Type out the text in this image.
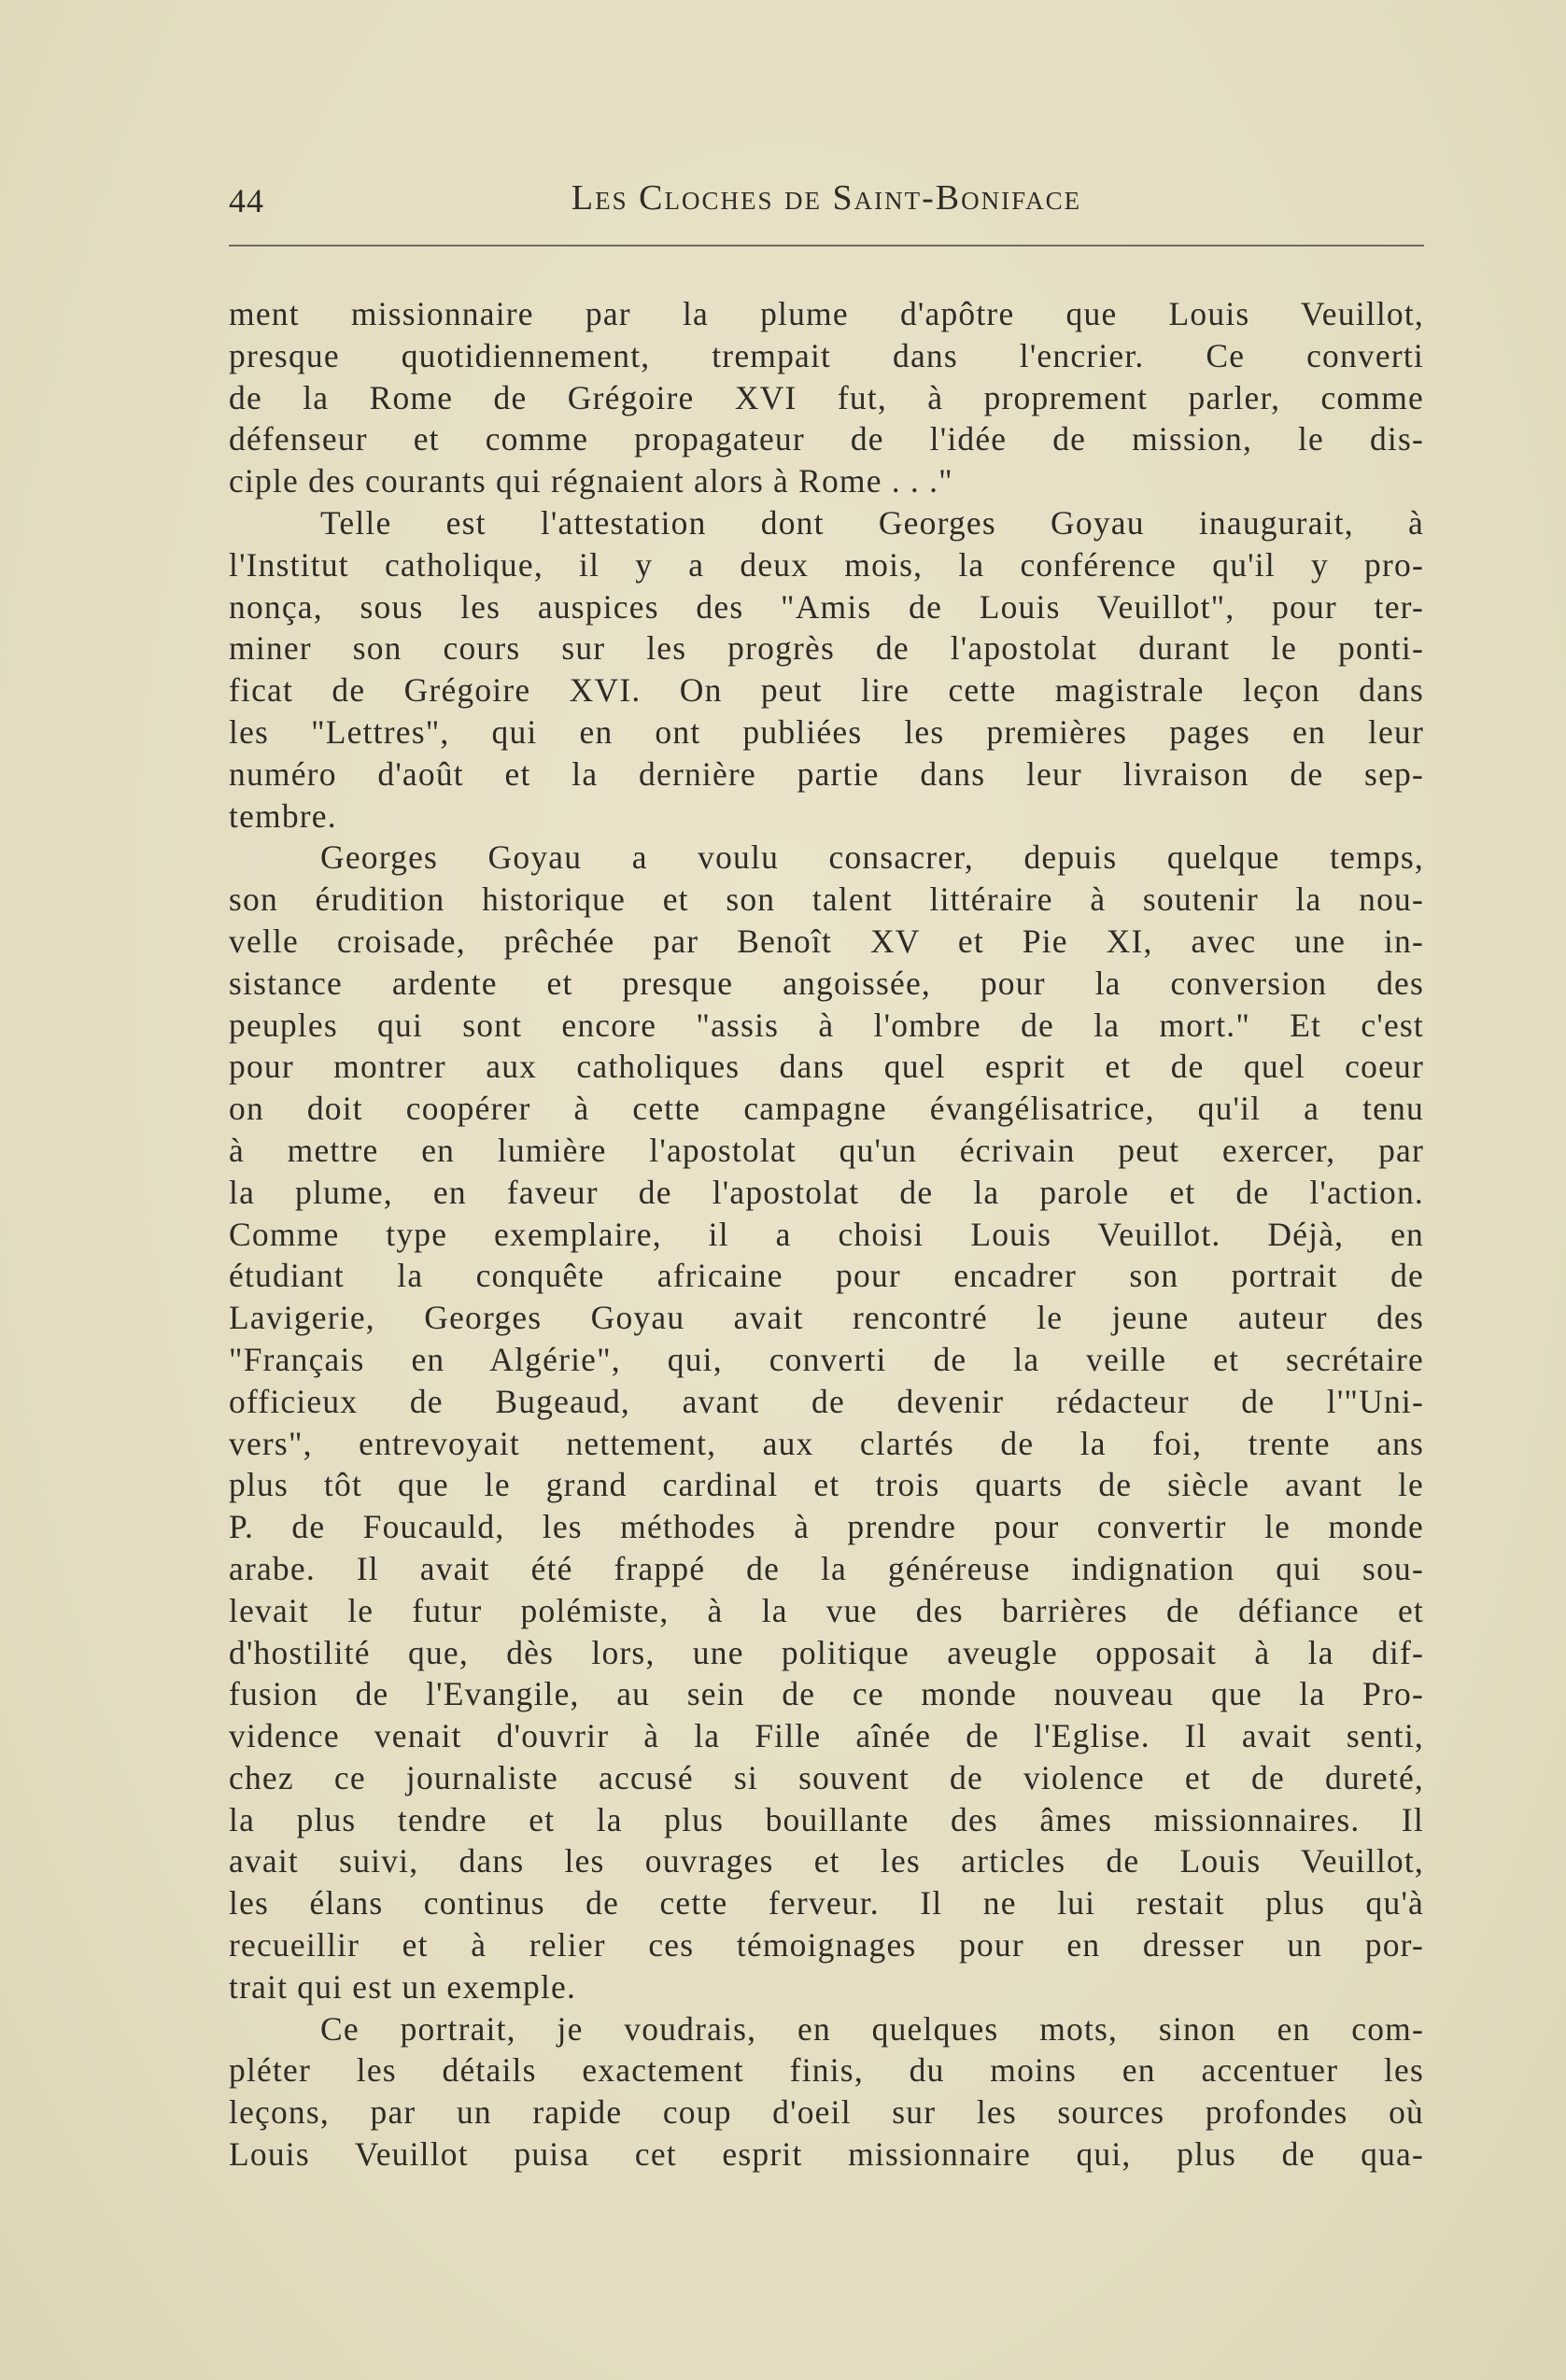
44	Les Cloches de Saint-Boniface
ment missionnaire par la plume d'apôtre que Louis Veuillot,
presque quotidiennement, trempait dans l'encrier. Ce converti
de la Rome de Grégoire XVI fut, à proprement parler, comme
défenseur et comme propagateur de l'idée de mission, le dis-
ciple des courants qui régnaient alors à Rome . . ."
Telle est l'attestation dont Georges Goyau inaugurait, à
l'Institut catholique, il y a deux mois, la conférence qu'il y pro-
nonça, sous les auspices des "Amis de Louis Veuillot", pour ter-
miner son cours sur les progrès de l'apostolat durant le ponti-
ficat de Grégoire XVI. On peut lire cette magistrale leçon dans
les "Lettres", qui en ont publiées les premières pages en leur
numéro d'août et la dernière partie dans leur livraison de sep-
tembre.
Georges Goyau a voulu consacrer, depuis quelque temps,
son érudition historique et son talent littéraire à soutenir la nou-
velle croisade, prêchée par Benoît XV et Pie XI, avec une in-
sistance ardente et presque angoissée, pour la conversion des
peuples qui sont encore "assis à l'ombre de la mort." Et c'est
pour montrer aux catholiques dans quel esprit et de quel coeur
on doit coopérer à cette campagne évangélisatrice, qu'il a tenu
à mettre en lumière l'apostolat qu'un écrivain peut exercer, par
la plume, en faveur de l'apostolat de la parole et de l'action.
Comme type exemplaire, il a choisi Louis Veuillot. Déjà, en
étudiant la conquête africaine pour encadrer son portrait de
Lavigerie, Georges Goyau avait rencontré le jeune auteur des
"Français en Algérie", qui, converti de la veille et secrétaire
officieux de Bugeaud, avant de devenir rédacteur de l'"Uni-
vers", entrevoyait nettement, aux clartés de la foi, trente ans
plus tôt que le grand cardinal et trois quarts de siècle avant le
P. de Foucauld, les méthodes à prendre pour convertir le monde
arabe. Il avait été frappé de la généreuse indignation qui sou-
levait le futur polémiste, à la vue des barrières de défiance et
d'hostilité que, dès lors, une politique aveugle opposait à la dif-
fusion de l'Evangile, au sein de ce monde nouveau que la Pro-
vidence venait d'ouvrir à la Fille aînée de l'Eglise. Il avait senti,
chez ce journaliste accusé si souvent de violence et de dureté,
la plus tendre et la plus bouillante des âmes missionnaires. Il
avait suivi, dans les ouvrages et les articles de Louis Veuillot,
les élans continus de cette ferveur. Il ne lui restait plus qu'à
recueillir et à relier ces témoignages pour en dresser un por-
trait qui est un exemple.
Ce portrait, je voudrais, en quelques mots, sinon en com-
pléter les détails exactement finis, du moins en accentuer les
leçons, par un rapide coup d'oeil sur les sources profondes où
Louis Veuillot puisa cet esprit missionnaire qui, plus de qua-
